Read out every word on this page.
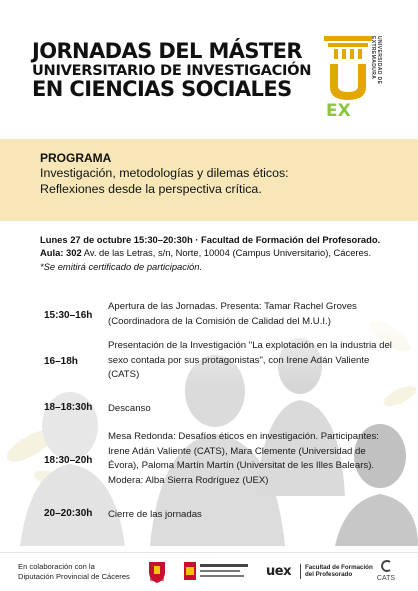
JORNADAS DEL MÁSTER
UNIVERSITARIO DE INVESTIGACIÓN
EN CIENCIAS SOCIALES
EX
UNIVERSIDAD DE EXTREMADURA
PROGRAMA
Investigación, metodologías y dilemas éticos:
Reflexiones desde la perspectiva crítica.
Lunes 27 de octubre 15:30–20:30h · Facultad de Formación del Profesorado.
Aula: 302 Av. de las Letras, s/n, Norte, 10004 (Campus Universitario), Cáceres.
*Se emitirá certificado de participación.
15:30–16h
Apertura de las Jornadas. Presenta: Tamar Rachel Groves (Coordinadora de la Comisión de Calidad del M.U.I.)
16–18h
Presentación de la Investigación "La explotación en la industria del sexo contada por sus protagonistas", con Irene Adán Valiente (CATS)
18–18:30h Descanso
18:30–20h
Mesa Redonda: Desafíos éticos en investigación. Participantes: Irene Adán Valiente (CATS), Mara Clemente (Universidad de Évora), Paloma Martín Martín (Universitat de les Illes Balears). Modera: Alba Sierra Rodríguez (UEX)
20–20:30h Cierre de las jornadas
En colaboración con la
Diputación Provincial de Cáceres	uex Facultad de Formación
del Profesorado
CATS
